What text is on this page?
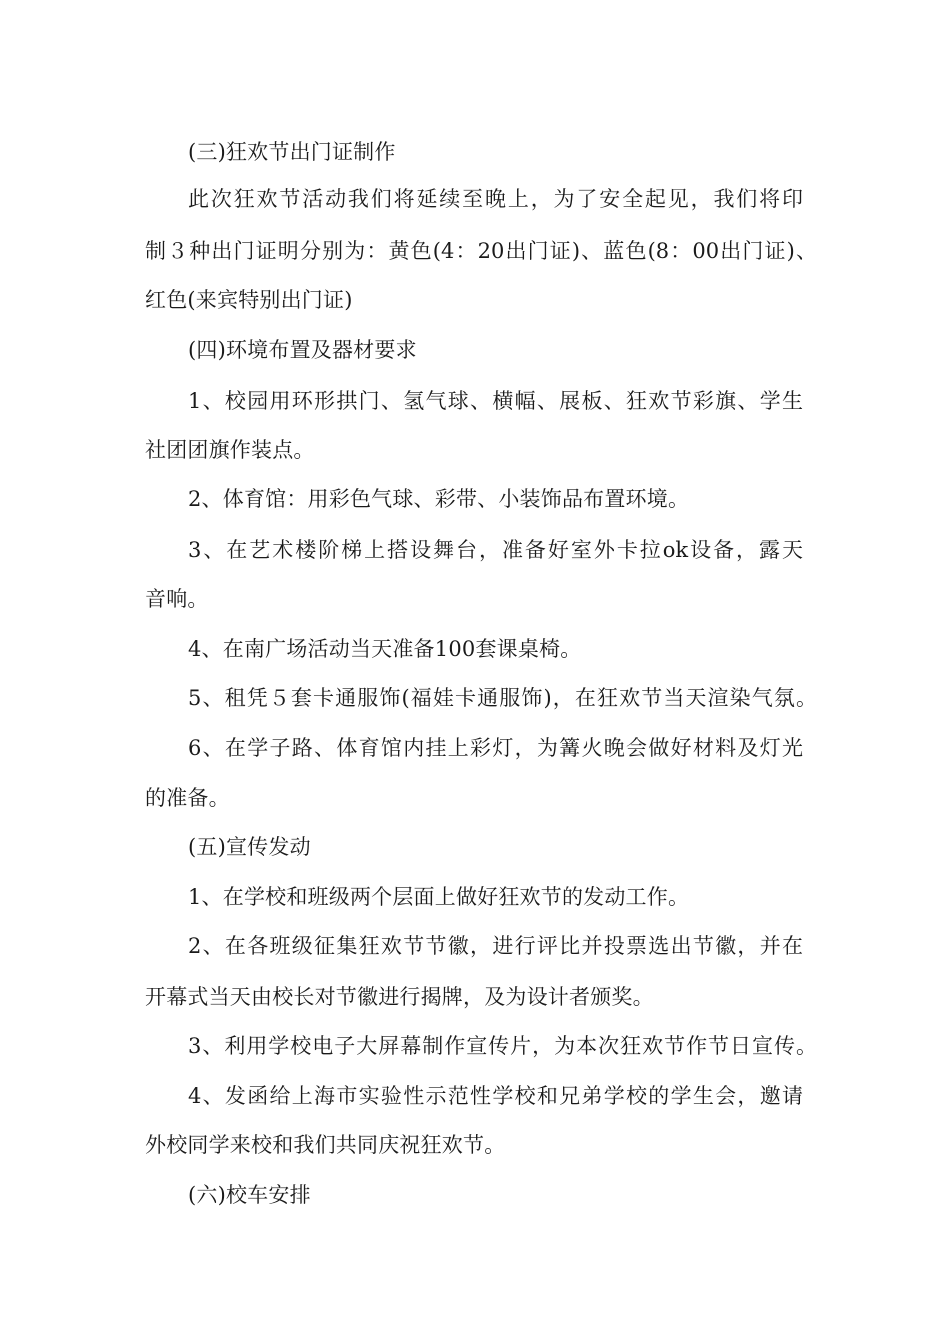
(三)狂欢节出门证制作
此次狂欢节活动我们将延续至晚上，为了安全起见，我们将印
制３种出门证明分别为：黄色(4：20出门证)、蓝色(8：00出门证)、
红色(来宾特别出门证)
(四)环境布置及器材要求
1、校园用环形拱门、氢气球、横幅、展板、狂欢节彩旗、学生
社团团旗作装点。
2、体育馆：用彩色气球、彩带、小装饰品布置环境。
3、在艺术楼阶梯上搭设舞台，准备好室外卡拉ok设备，露天
音响。
4、在南广场活动当天准备100套课桌椅。
5、租凭５套卡通服饰(福娃卡通服饰)，在狂欢节当天渲染气氛。
6、在学子路、体育馆内挂上彩灯，为篝火晚会做好材料及灯光
的准备。
(五)宣传发动
1、在学校和班级两个层面上做好狂欢节的发动工作。
2、在各班级征集狂欢节节徽，进行评比并投票选出节徽，并在
开幕式当天由校长对节徽进行揭牌，及为设计者颁奖。
3、利用学校电子大屏幕制作宣传片，为本次狂欢节作节日宣传。
4、发函给上海市实验性示范性学校和兄弟学校的学生会，邀请
外校同学来校和我们共同庆祝狂欢节。
(六)校车安排
